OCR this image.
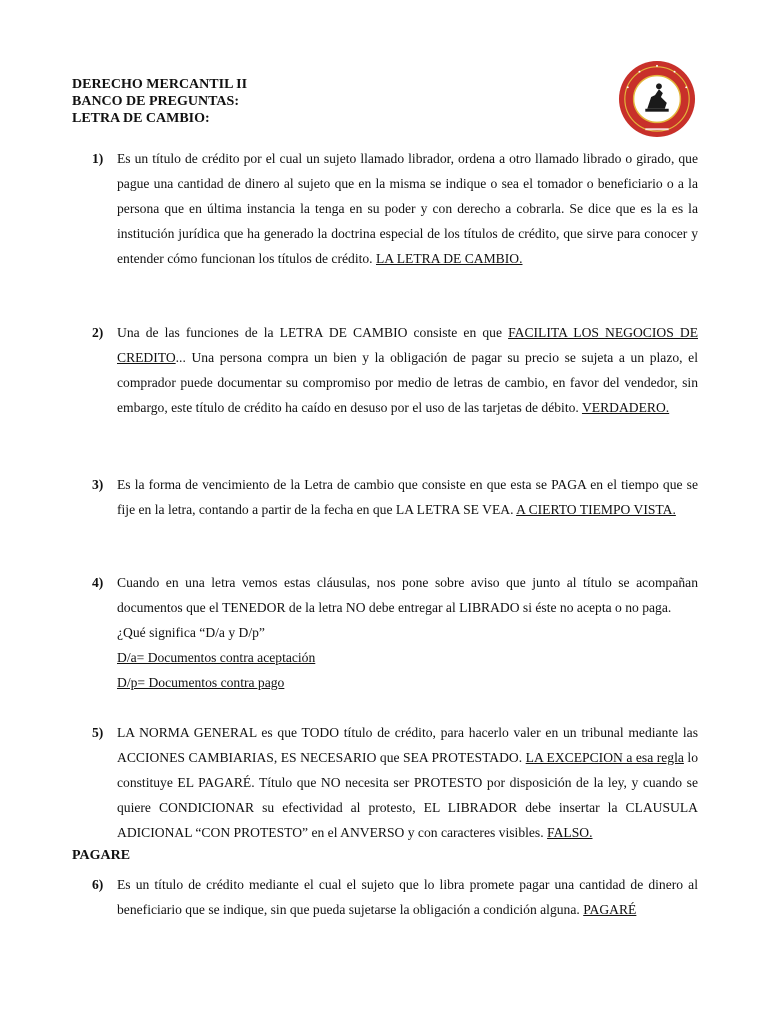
DERECHO MERCANTIL II
BANCO DE PREGUNTAS:
LETRA DE CAMBIO:
1)	Es un título de crédito por el cual un sujeto llamado librador, ordena a otro llamado librado o girado, que pague una cantidad de dinero al sujeto que en la misma se indique o sea el tomador o beneficiario o a la persona que en última instancia la tenga en su poder y con derecho a cobrarla. Se dice que es la es la institución jurídica que ha generado la doctrina especial de los títulos de crédito, que sirve para conocer y entender cómo funcionan los títulos de crédito. LA LETRA DE CAMBIO.
2)	Una de las funciones de la LETRA DE CAMBIO consiste en que FACILITA LOS NEGOCIOS DE CREDITO... Una persona compra un bien y la obligación de pagar su precio se sujeta a un plazo, el comprador puede documentar su compromiso por medio de letras de cambio, en favor del vendedor, sin embargo, este título de crédito ha caído en desuso por el uso de las tarjetas de débito. VERDADERO.
3)	Es la forma de vencimiento de la Letra de cambio que consiste en que esta se PAGA en el tiempo que se fije en la letra, contando a partir de la fecha en que LA LETRA SE VEA. A CIERTO TIEMPO VISTA.
4)	Cuando en una letra vemos estas cláusulas, nos pone sobre aviso que junto al título se acompañan documentos que el TENEDOR de la letra NO debe entregar al LIBRADO si éste no acepta o no paga.
¿Qué significa “D/a y D/p”
D/a= Documentos contra aceptación
D/p= Documentos contra pago
5)	LA NORMA GENERAL es que TODO título de crédito, para hacerlo valer en un tribunal mediante las ACCIONES CAMBIARIAS, ES NECESARIO que SEA PROTESTADO. LA EXCEPCION a esa regla lo constituye EL PAGARÉ. Título que NO necesita ser PROTESTO por disposición de la ley, y cuando se quiere CONDICIONAR su efectividad al protesto, EL LIBRADOR debe insertar la CLAUSULA ADICIONAL “CON PROTESTO” en el ANVERSO y con caracteres visibles. FALSO.
PAGARE
6)	Es un título de crédito mediante el cual el sujeto que lo libra promete pagar una cantidad de dinero al beneficiario que se indique, sin que pueda sujetarse la obligación a condición alguna. PAGARÉ
